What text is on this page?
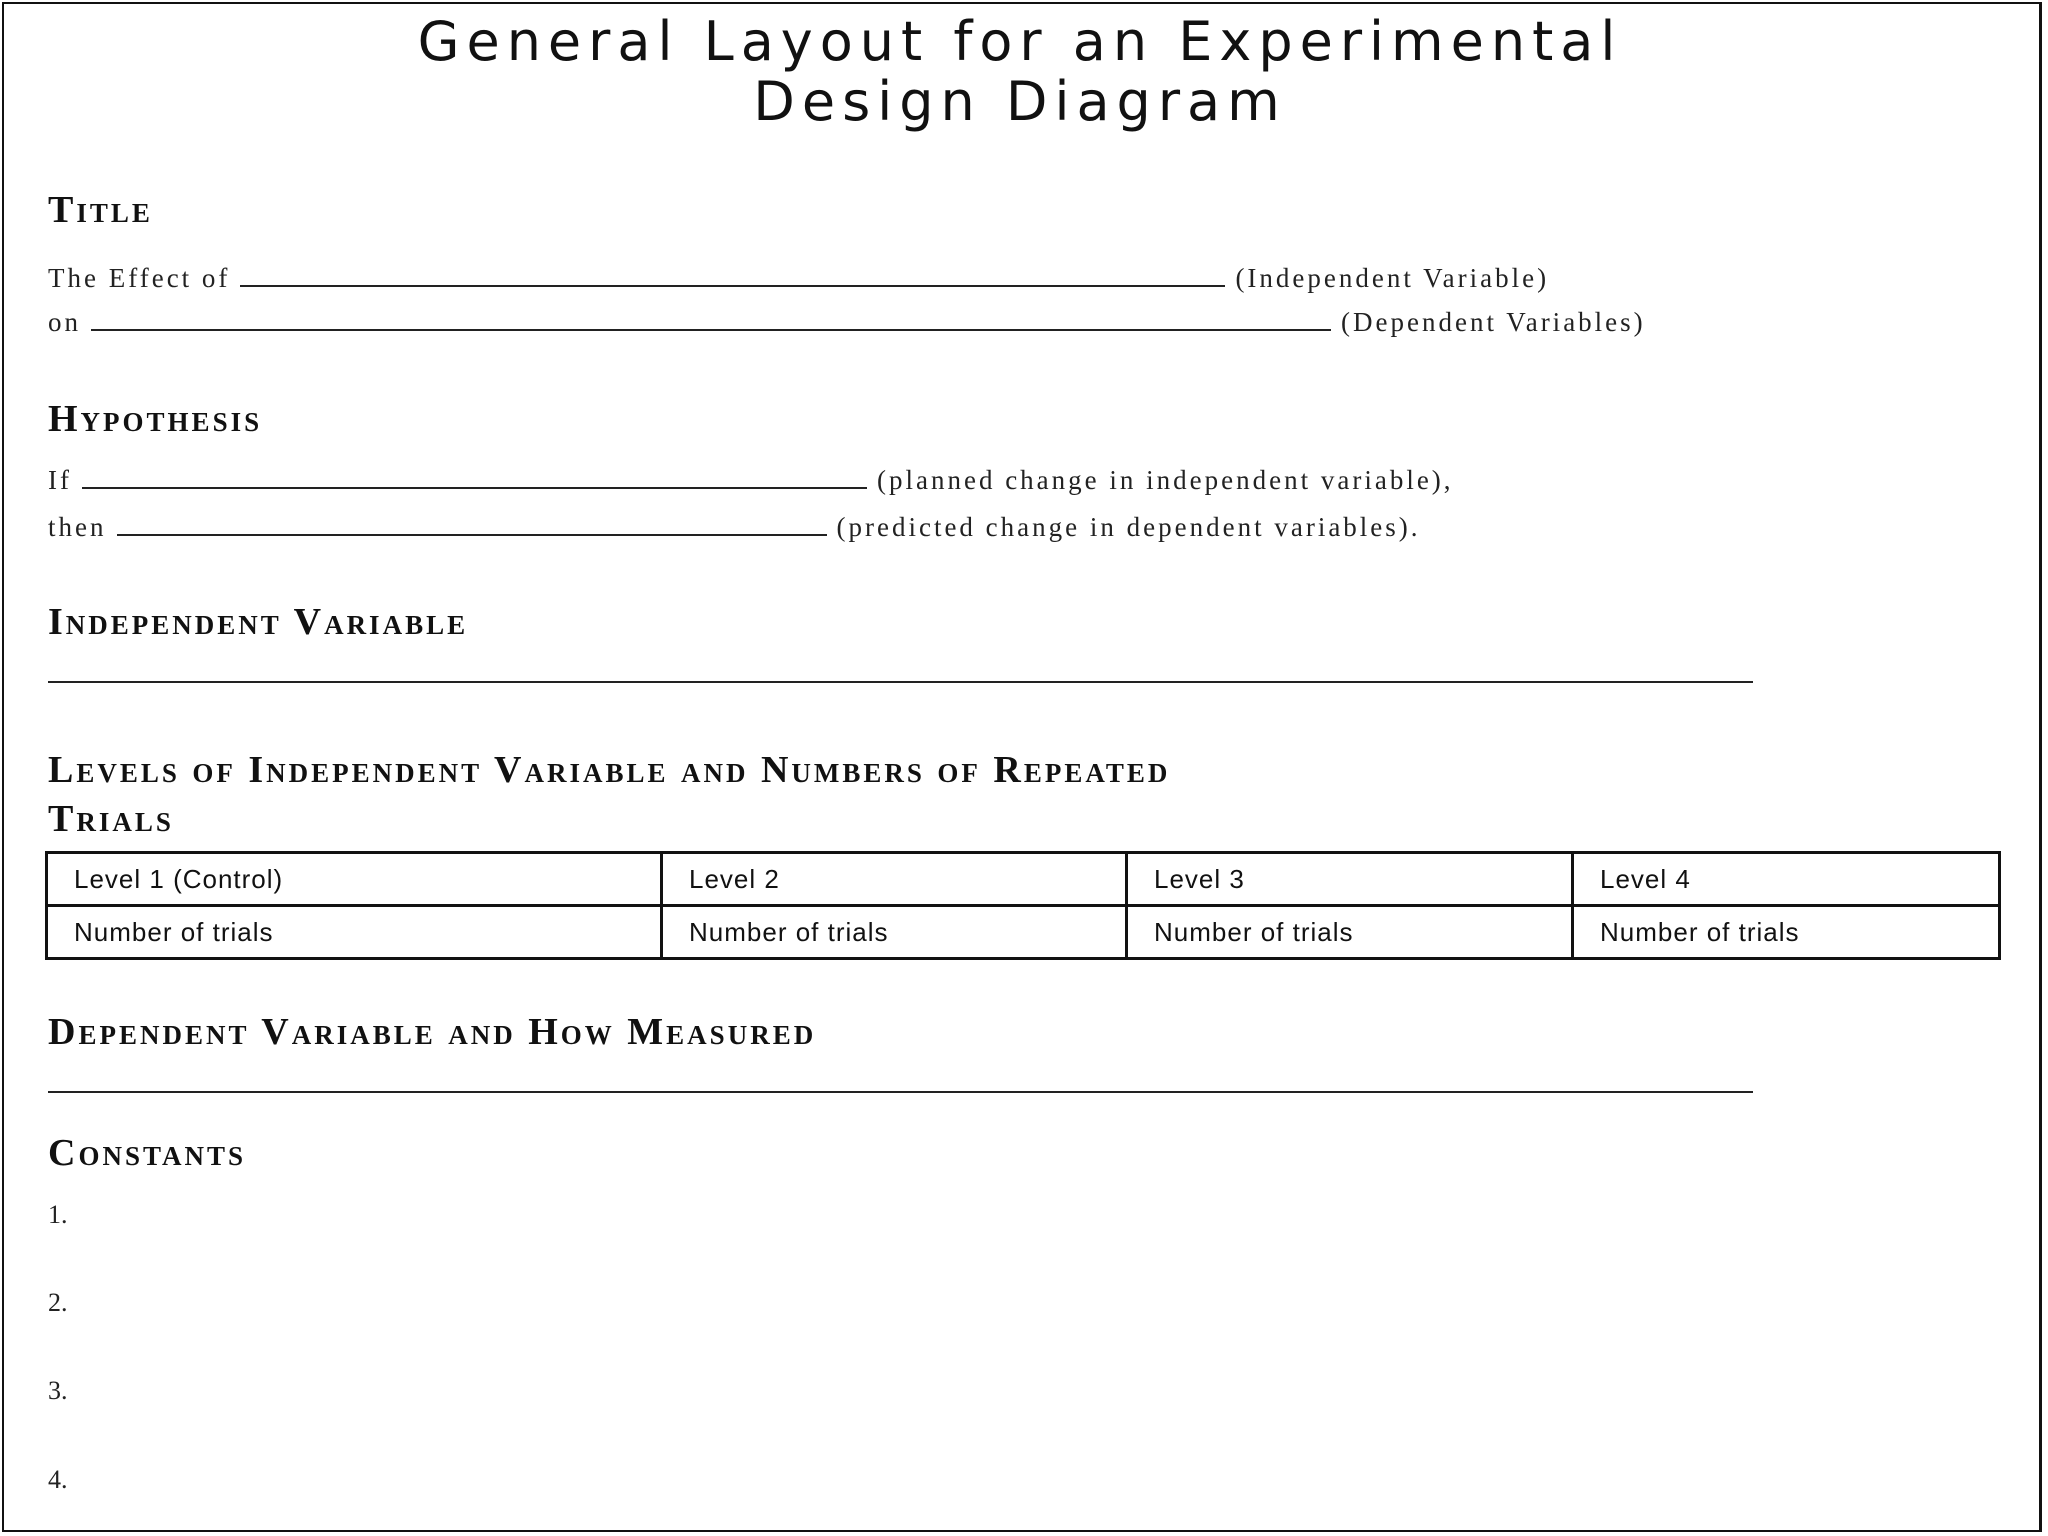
General Layout for an Experimental
Design Diagram
Title
The Effect of	(Independent Variable)
on	(Dependent Variables)
Hypothesis
If	(planned change in independent variable),
then	(predicted change in dependent variables).
Independent Variable
Levels of Independent Variable and Numbers of Repeated
Trials
Level 1 (Control)	Level 2	Level 3	Level 4
Number of trials	Number of trials	Number of trials	Number of trials
Dependent Variable and How Measured
Constants
1.
2.
3.
4.
